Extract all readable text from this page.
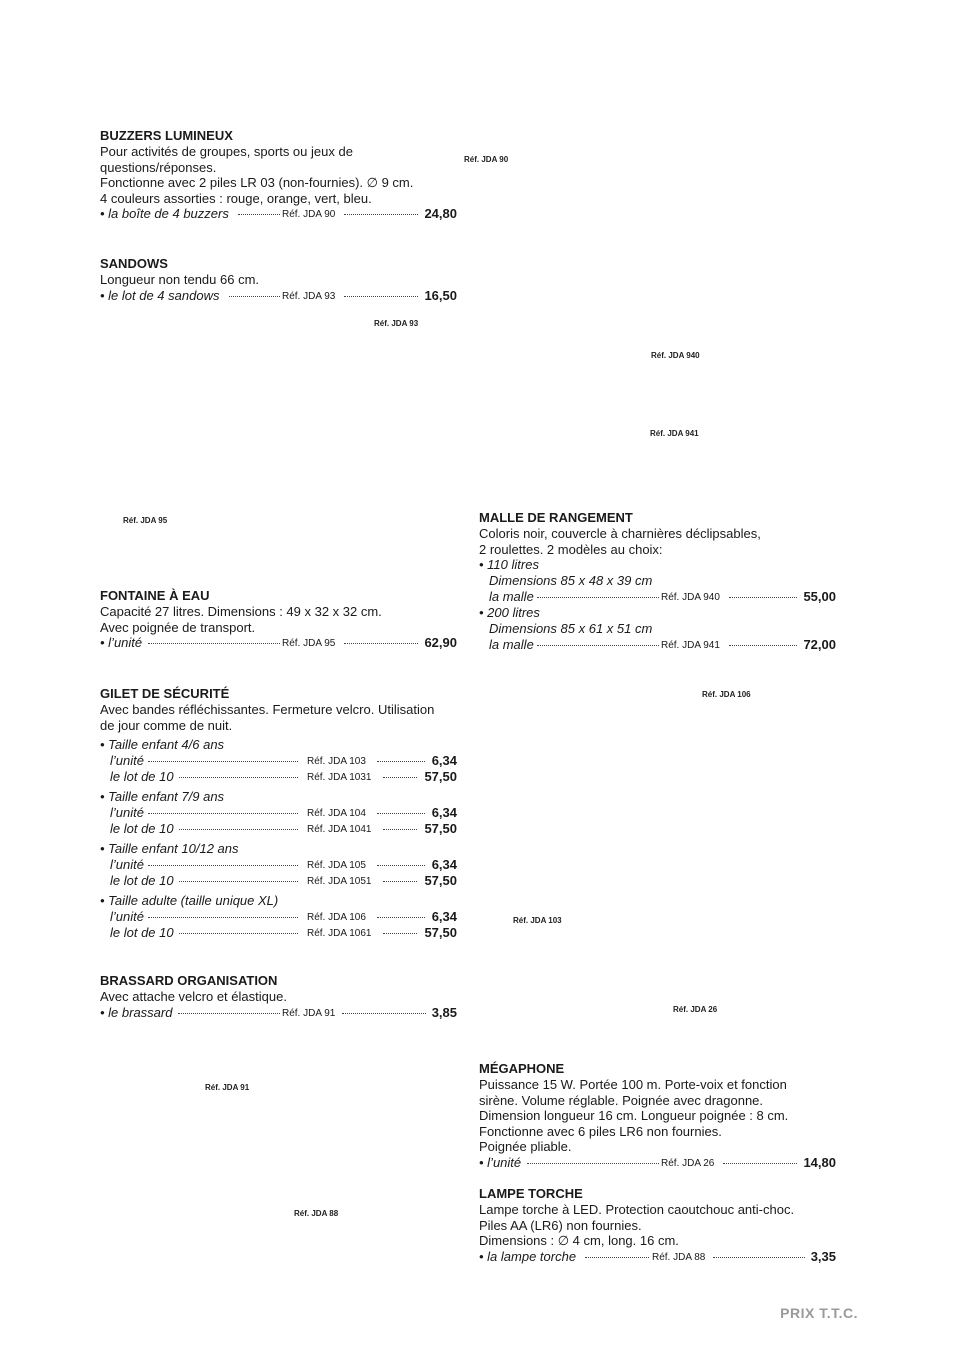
BUZZERS LUMINEUX
Pour activités de groupes, sports ou jeux de
questions/réponses.
Fonctionne avec 2 piles LR 03 (non-fournies). ∅ 9 cm.
4 couleurs assorties : rouge, orange, vert, bleu.
• la boîte de 4 buzzers	Réf. JDA 90	24,80
SANDOWS
Longueur non tendu 66 cm.
• le lot de 4 sandows	Réf. JDA 93	16,50
FONTAINE À EAU
Capacité 27 litres. Dimensions : 49 x 32 x 32 cm.
Avec poignée de transport.
• l’unité	Réf. JDA 95	62,90
GILET DE SÉCURITÉ
Avec bandes réfléchissantes. Fermeture velcro. Utilisation
de jour comme de nuit.
• Taille enfant 4/6 ans
l’unité	Réf. JDA 103	6,34
le lot de 10	Réf. JDA 1031	57,50
• Taille enfant 7/9 ans
l’unité	Réf. JDA 104	6,34
le lot de 10	Réf. JDA 1041	57,50
• Taille enfant 10/12 ans
l’unité	Réf. JDA 105	6,34
le lot de 10	Réf. JDA 1051	57,50
• Taille adulte (taille unique XL)
l’unité	Réf. JDA 106	6,34
le lot de 10	Réf. JDA 1061	57,50
BRASSARD ORGANISATION
Avec attache velcro et élastique.
• le brassard	Réf. JDA 91	3,85
MALLE DE RANGEMENT
Coloris noir, couvercle à charnières déclipsables,
2 roulettes. 2 modèles au choix:
• 110 litres
Dimensions 85 x 48 x 39 cm
la malle	Réf. JDA 940	55,00
• 200 litres
Dimensions 85 x 61 x 51 cm
la malle	Réf. JDA 941	72,00
MÉGAPHONE
Puissance 15 W. Portée 100 m. Porte-voix et fonction
sirène. Volume réglable. Poignée avec dragonne.
Dimension longueur 16 cm. Longueur poignée : 8 cm.
Fonctionne avec 6 piles LR6 non fournies.
Poignée pliable.
• l’unité	Réf. JDA 26	14,80
LAMPE TORCHE
Lampe torche à LED. Protection caoutchouc anti-choc.
Piles AA (LR6) non fournies.
Dimensions : ∅ 4 cm, long. 16 cm.
• la lampe torche	Réf. JDA 88	3,35
Réf. JDA 90
Réf. JDA 93
Réf. JDA 940
Réf. JDA 941
Réf. JDA 95
Réf. JDA 106
Réf. JDA 103
Réf. JDA 26
Réf. JDA 91
Réf. JDA 88
PRIX T.T.C.
